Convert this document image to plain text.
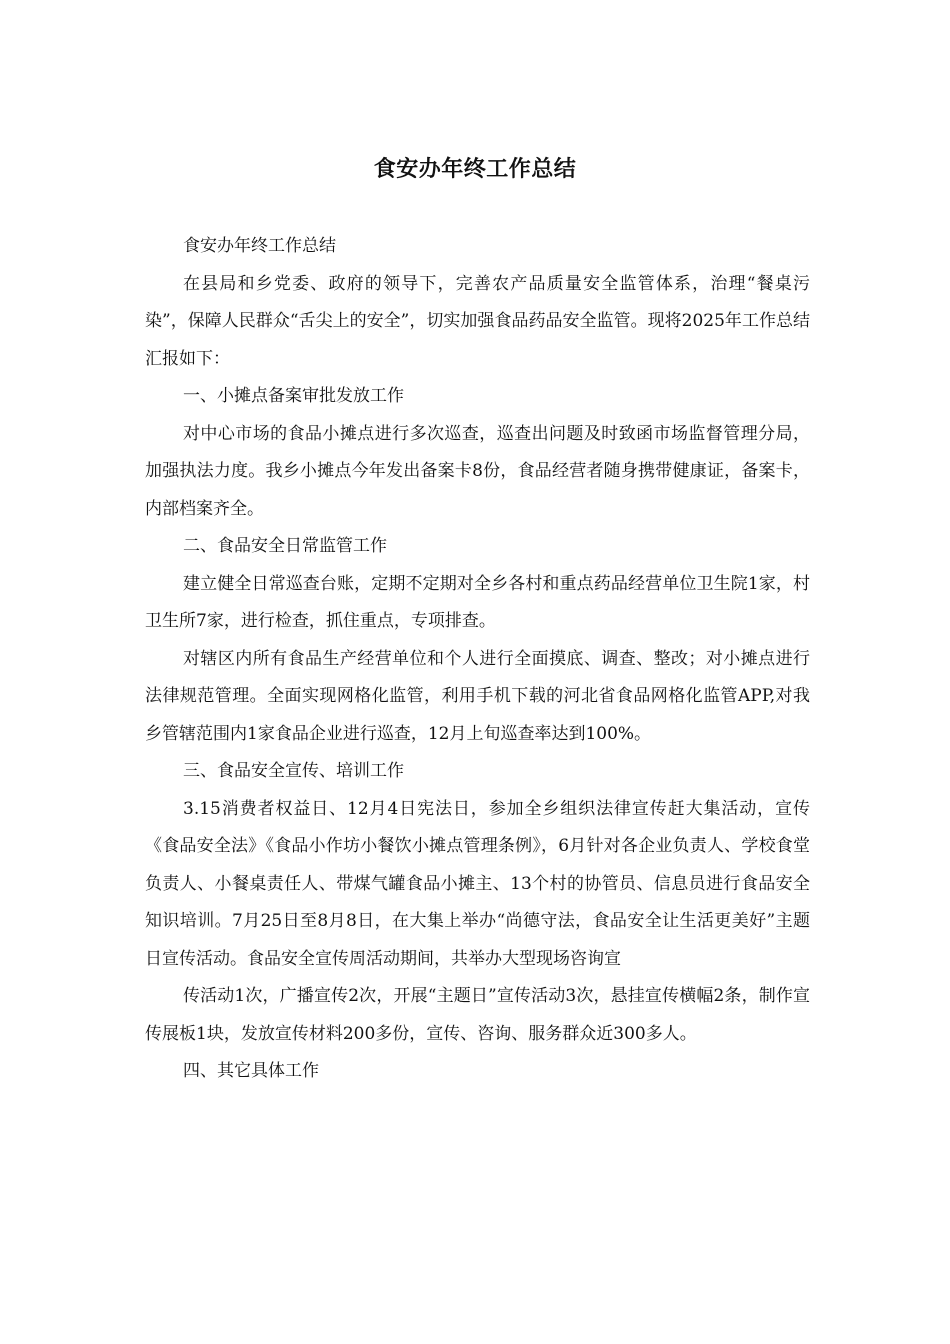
食安办年终工作总结

食安办年终工作总结

在县局和乡党委、政府的领导下，完善农产品质量安全监管体系，治理“餐桌污染”，保障人民群众“舌尖上的安全”，切实加强食品药品安全监管。现将2025年工作总结汇报如下：

一、小摊点备案审批发放工作

对中心市场的食品小摊点进行多次巡查，巡查出问题及时致函市场监督管理分局，加强执法力度。我乡小摊点今年发出备案卡8份，食品经营者随身携带健康证，备案卡，内部档案齐全。

二、食品安全日常监管工作

建立健全日常巡查台账，定期不定期对全乡各村和重点药品经营单位卫生院1家，村卫生所7家，进行检查，抓住重点，专项排查。

对辖区内所有食品生产经营单位和个人进行全面摸底、调查、整改；对小摊点进行法律规范管理。全面实现网格化监管，利用手机下载的河北省食品网格化监管APP,对我乡管辖范围内1家食品企业进行巡查，12月上旬巡查率达到100%。

三、食品安全宣传、培训工作

3.15消费者权益日、12月4日宪法日，参加全乡组织法律宣传赶大集活动，宣传《食品安全法》《食品小作坊小餐饮小摊点管理条例》，6月针对各企业负责人、学校食堂负责人、小餐桌责任人、带煤气罐食品小摊主、13个村的协管员、信息员进行食品安全知识培训。7月25日至8月8日，在大集上举办“尚德守法，食品安全让生活更美好”主题日宣传活动。食品安全宣传周活动期间，共举办大型现场咨询宣

传活动1次，广播宣传2次，开展“主题日”宣传活动3次，悬挂宣传横幅2条，制作宣传展板1块，发放宣传材料200多份，宣传、咨询、服务群众近300多人。

四、其它具体工作
